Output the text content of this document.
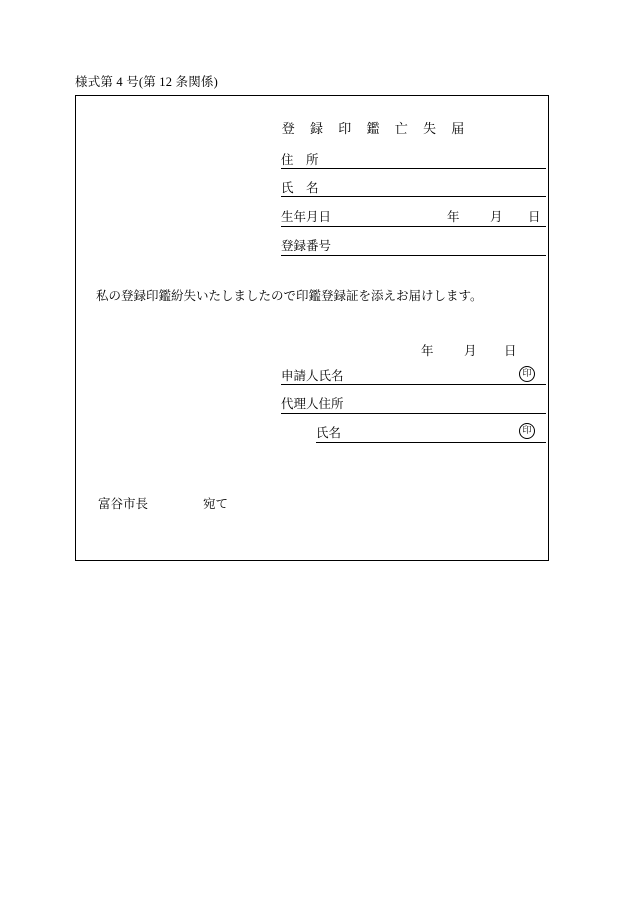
様式第 4 号(第 12 条関係)
登 録 印 鑑 亡 失 届
住　所
氏　名
生年月日	年 月 日
登録番号
私の登録印鑑紛失いたしましたので印鑑登録証を添えお届けします。
年 月 日
申請人氏名	印
代理人住所
氏名	印
富谷市長	宛て
